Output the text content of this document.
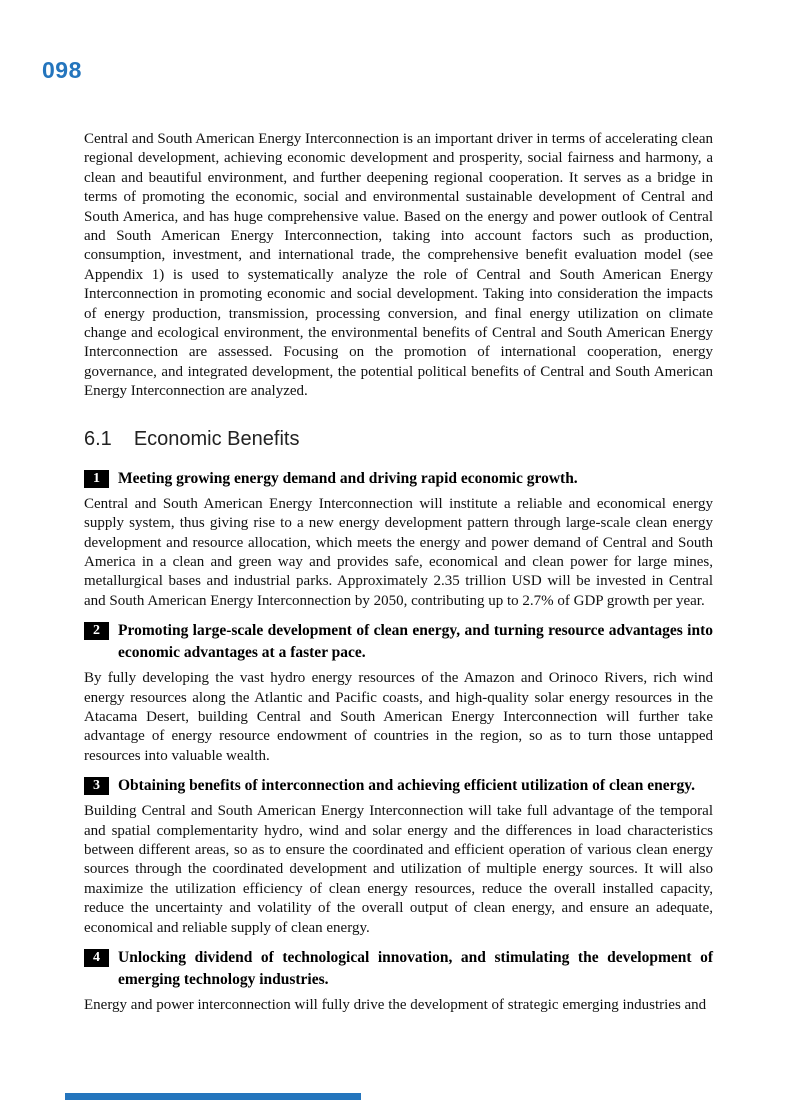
098

Central and South American Energy Interconnection is an important driver in terms of accelerating clean regional development, achieving economic development and prosperity, social fairness and harmony, a clean and beautiful environment, and further deepening regional cooperation. It serves as a bridge in terms of promoting the economic, social and environmental sustainable development of Central and South America, and has huge comprehensive value. Based on the energy and power outlook of Central and South American Energy Interconnection, taking into account factors such as production, consumption, investment, and international trade, the comprehensive benefit evaluation model (see Appendix 1) is used to systematically analyze the role of Central and South American Energy Interconnection in promoting economic and social development. Taking into consideration the impacts of energy production, transmission, processing conversion, and final energy utilization on climate change and ecological environment, the environmental benefits of Central and South American Energy Interconnection are assessed. Focusing on the promotion of international cooperation, energy governance, and integrated development, the potential political benefits of Central and South American Energy Interconnection are analyzed.

6.1 Economic Benefits
1	Meeting growing energy demand and driving rapid economic growth.

Central and South American Energy Interconnection will institute a reliable and economical energy supply system, thus giving rise to a new energy development pattern through large-scale clean energy development and resource allocation, which meets the energy and power demand of Central and South America in a clean and green way and provides safe, economical and clean power for large mines, metallurgical bases and industrial parks. Approximately 2.35 trillion USD will be invested in Central and South American Energy Interconnection by 2050, contributing up to 2.7% of GDP growth per year.

2	Promoting large-scale development of clean energy, and turning resource advantages into economic advantages at a faster pace.

By fully developing the vast hydro energy resources of the Amazon and Orinoco Rivers, rich wind energy resources along the Atlantic and Pacific coasts, and high-quality solar energy resources in the Atacama Desert, building Central and South American Energy Interconnection will further take advantage of energy resource endowment of countries in the region, so as to turn those untapped resources into valuable wealth.

3	Obtaining benefits of interconnection and achieving efficient utilization of clean energy.

Building Central and South American Energy Interconnection will take full advantage of the temporal and spatial complementarity hydro, wind and solar energy and the differences in load characteristics between different areas, so as to ensure the coordinated and efficient operation of various clean energy sources through the coordinated development and utilization of multiple energy sources. It will also maximize the utilization efficiency of clean energy resources, reduce the overall installed capacity, reduce the uncertainty and volatility of the overall output of clean energy, and ensure an adequate, economical and reliable supply of clean energy.

4	Unlocking dividend of technological innovation, and stimulating the development of emerging technology industries.

Energy and power interconnection will fully drive the development of strategic emerging industries and
